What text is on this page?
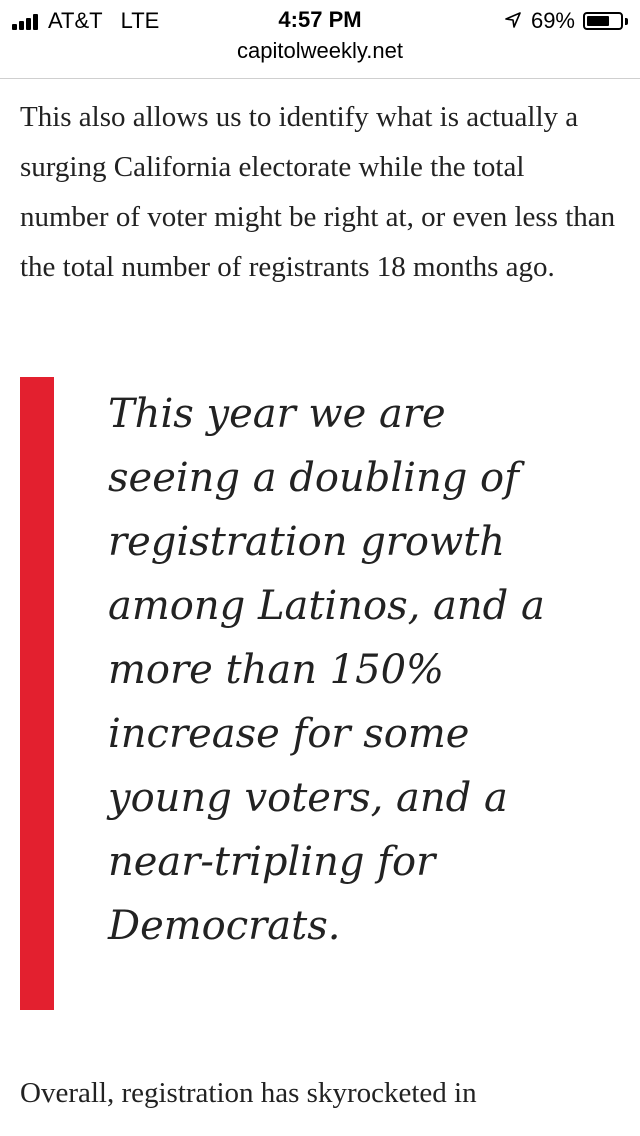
AT&T LTE	4:57 PM	69%
capitolweekly.net

This also allows us to identify what is actually a surging California electorate while the total number of voter might be right at, or even less than the total number of registrants 18 months ago.

This year we are seeing a doubling of registration growth among Latinos, and a more than 150% increase for some young voters, and a near-tripling for Democrats.

Overall, registration has skyrocketed in
